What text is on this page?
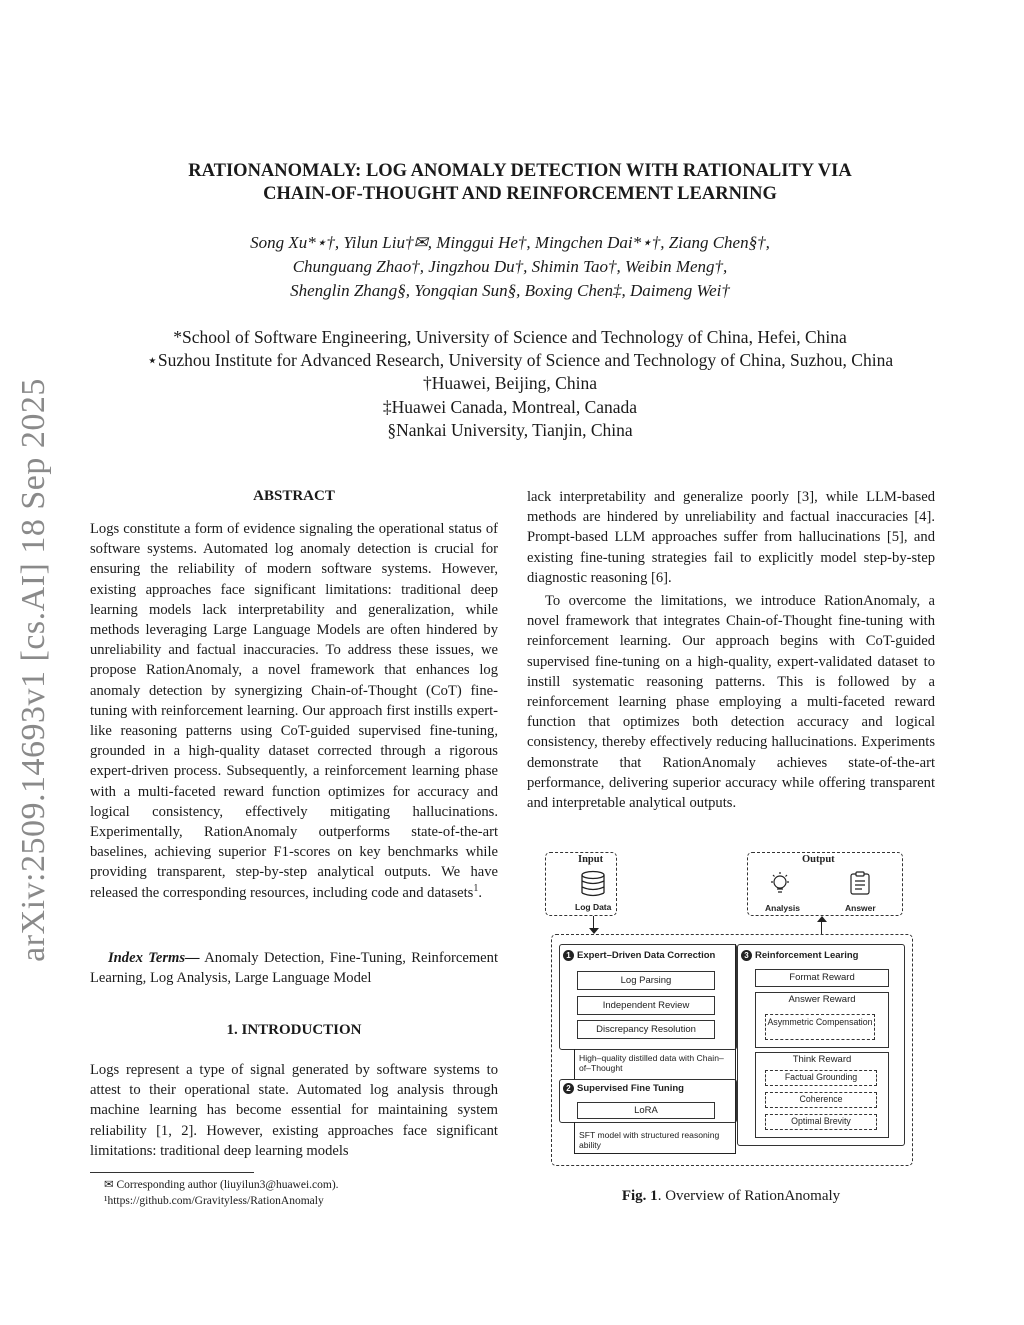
arXiv:2509.14693v1 [cs.AI] 18 Sep 2025
RATIONANOMALY: LOG ANOMALY DETECTION WITH RATIONALITY VIA
CHAIN-OF-THOUGHT AND REINFORCEMENT LEARNING
Song Xu*⋆†, Yilun Liu†✉, Minggui He†, Mingchen Dai*⋆†, Ziang Chen§†,
Chunguang Zhao†, Jingzhou Du†, Shimin Tao†, Weibin Meng†,
Shenglin Zhang§, Yongqian Sun§, Boxing Chen‡, Daimeng Wei†
*School of Software Engineering, University of Science and Technology of China, Hefei, China
⋆Suzhou Institute for Advanced Research, University of Science and Technology of China, Suzhou, China
†Huawei, Beijing, China
‡Huawei Canada, Montreal, Canada
§Nankai University, Tianjin, China
ABSTRACT

Logs constitute a form of evidence signaling the operational status of software systems. Automated log anomaly detection is crucial for ensuring the reliability of modern software systems. However, existing approaches face significant limitations: traditional deep learning models lack interpretability and generalization, while methods leveraging Large Language Models are often hindered by unreliability and factual inaccuracies. To address these issues, we propose RationAnomaly, a novel framework that enhances log anomaly detection by synergizing Chain-of-Thought (CoT) fine-tuning with reinforcement learning. Our approach first instills expert-like reasoning patterns using CoT-guided supervised fine-tuning, grounded in a high-quality dataset corrected through a rigorous expert-driven process. Subsequently, a reinforcement learning phase with a multi-faceted reward function optimizes for accuracy and logical consistency, effectively mitigating hallucinations. Experimentally, RationAnomaly outperforms state-of-the-art baselines, achieving superior F1-scores on key benchmarks while providing transparent, step-by-step analytical outputs. We have released the corresponding resources, including code and datasets$^1$.

Index Terms— Anomaly Detection, Fine-Tuning, Reinforcement Learning, Log Analysis, Large Language Model

1. INTRODUCTION

Logs represent a type of signal generated by software systems to attest to their operational state. Automated log analysis through machine learning has become essential for maintaining system reliability [1, 2]. However, existing approaches face significant limitations: traditional deep learning models

✉ Corresponding author (liuyilun3@huawei.com).
¹https://github.com/Gravityless/RationAnomaly

lack interpretability and generalize poorly [3], while LLM-based methods are hindered by unreliability and factual inaccuracies [4]. Prompt-based LLM approaches suffer from hallucinations [5], and existing fine-tuning strategies fail to explicitly model step-by-step diagnostic reasoning [6].

To overcome the limitations, we introduce RationAnomaly, a novel framework that integrates Chain-of-Thought fine-tuning with reinforcement learning. Our approach begins with CoT-guided supervised fine-tuning on a high-quality, expert-validated dataset to instill systematic reasoning patterns. This is followed by a reinforcement learning phase employing a multi-faceted reward function that optimizes both detection accuracy and logical consistency, thereby effectively reducing hallucinations. Experiments demonstrate that RationAnomaly achieves state-of-the-art performance, delivering superior accuracy while offering transparent and interpretable analytical outputs.

Input
Log Data
Output
Analysis	Answer
1 Expert–Driven Data Correction
Log Parsing
Independent Review
Discrepancy Resolution
High–quality distilled data with Chain–of–Thought
2 Supervised Fine Tuning
LoRA
SFT model with structured reasoning ability
3 Reinforcement Learing
Format Reward
Answer Reward
Asymmetric Compensation
Think Reward
Factual Grounding
Coherence
Optimal Brevity
Fig. 1. Overview of RationAnomaly
